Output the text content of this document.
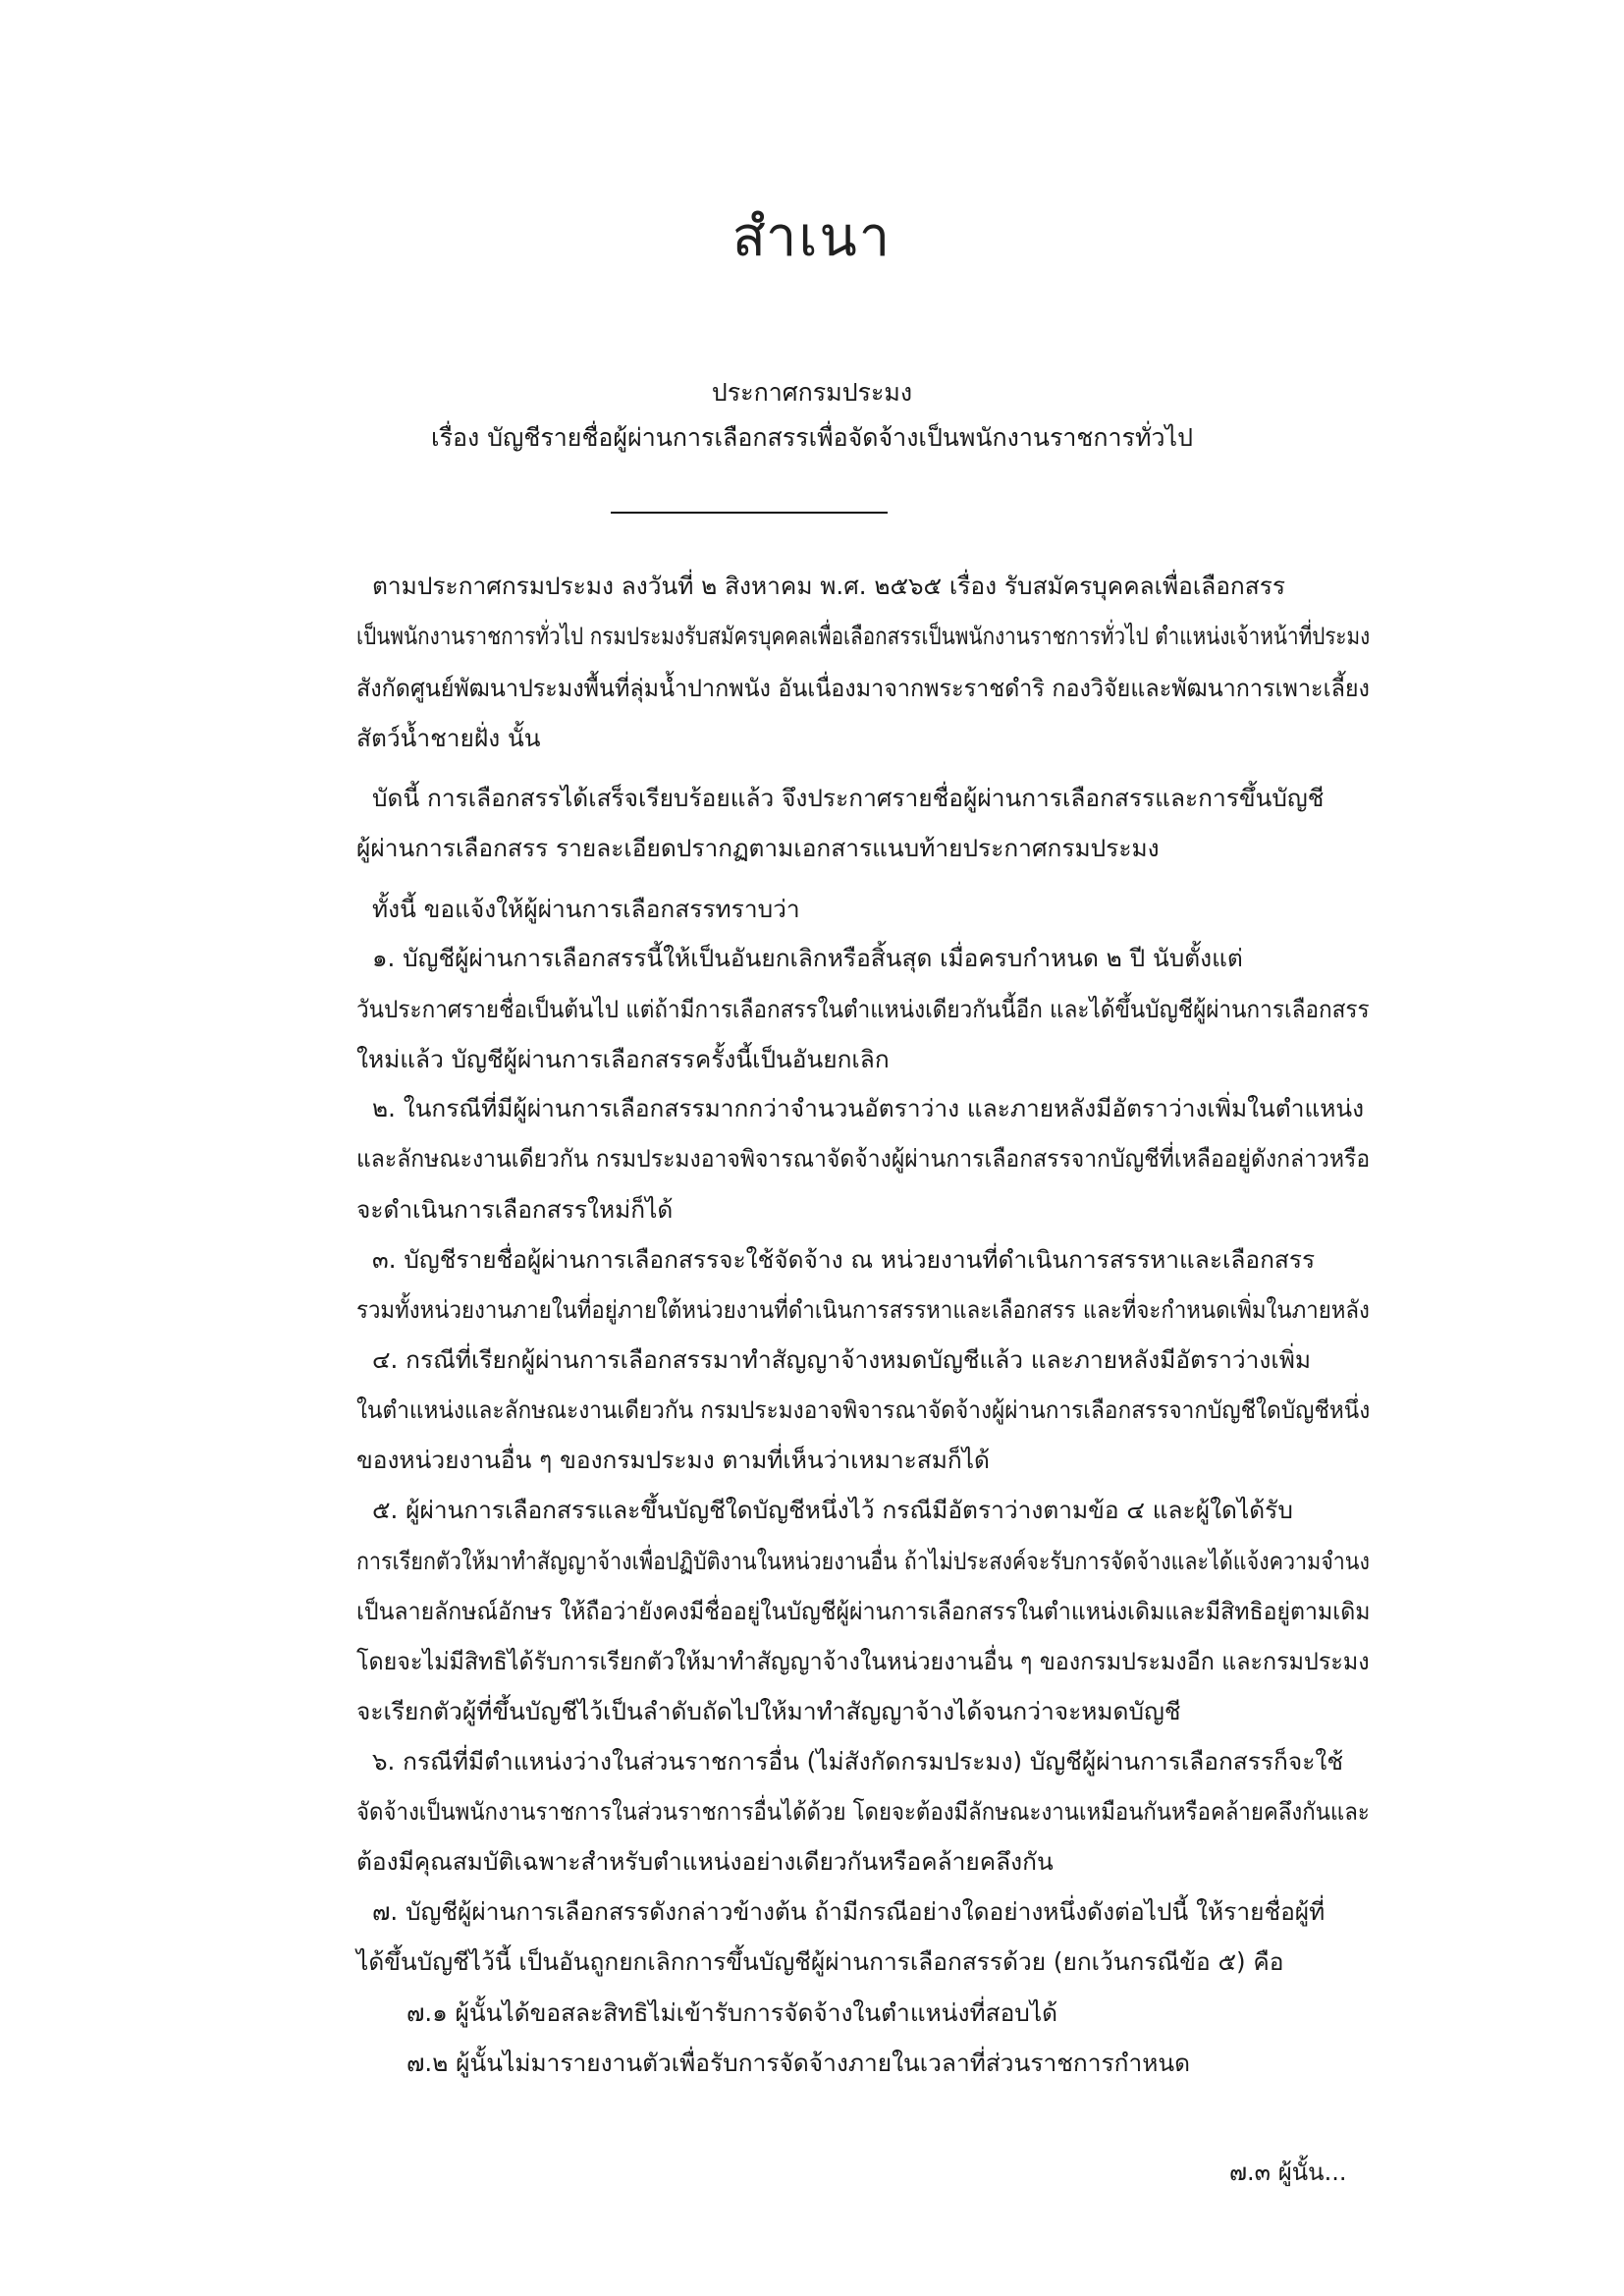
สำเนา
ประกาศกรมประมง
เรื่อง บัญชีรายชื่อผู้ผ่านการเลือกสรรเพื่อจัดจ้างเป็นพนักงานราชการทั่วไป
ตามประกาศกรมประมง ลงวันที่ ๒ สิงหาคม พ.ศ. ๒๕๖๕ เรื่อง รับสมัครบุคคลเพื่อเลือกสรร
เป็นพนักงานราชการทั่วไป กรมประมงรับสมัครบุคคลเพื่อเลือกสรรเป็นพนักงานราชการทั่วไป ตำแหน่งเจ้าหน้าที่ประมง
สังกัดศูนย์พัฒนาประมงพื้นที่ลุ่มน้ำปากพนัง อันเนื่องมาจากพระราชดำริ กองวิจัยและพัฒนาการเพาะเลี้ยง
สัตว์น้ำชายฝั่ง นั้น
บัดนี้ การเลือกสรรได้เสร็จเรียบร้อยแล้ว จึงประกาศรายชื่อผู้ผ่านการเลือกสรรและการขึ้นบัญชี
ผู้ผ่านการเลือกสรร รายละเอียดปรากฏตามเอกสารแนบท้ายประกาศกรมประมง
ทั้งนี้ ขอแจ้งให้ผู้ผ่านการเลือกสรรทราบว่า
๑. บัญชีผู้ผ่านการเลือกสรรนี้ให้เป็นอันยกเลิกหรือสิ้นสุด เมื่อครบกำหนด ๒ ปี นับตั้งแต่
วันประกาศรายชื่อเป็นต้นไป แต่ถ้ามีการเลือกสรรในตำแหน่งเดียวกันนี้อีก และได้ขึ้นบัญชีผู้ผ่านการเลือกสรร
ใหม่แล้ว บัญชีผู้ผ่านการเลือกสรรครั้งนี้เป็นอันยกเลิก
๒. ในกรณีที่มีผู้ผ่านการเลือกสรรมากกว่าจำนวนอัตราว่าง และภายหลังมีอัตราว่างเพิ่มในตำแหน่ง
และลักษณะงานเดียวกัน กรมประมงอาจพิจารณาจัดจ้างผู้ผ่านการเลือกสรรจากบัญชีที่เหลืออยู่ดังกล่าวหรือ
จะดำเนินการเลือกสรรใหม่ก็ได้
๓. บัญชีรายชื่อผู้ผ่านการเลือกสรรจะใช้จัดจ้าง ณ หน่วยงานที่ดำเนินการสรรหาและเลือกสรร
รวมทั้งหน่วยงานภายในที่อยู่ภายใต้หน่วยงานที่ดำเนินการสรรหาและเลือกสรร และที่จะกำหนดเพิ่มในภายหลัง
๔. กรณีที่เรียกผู้ผ่านการเลือกสรรมาทำสัญญาจ้างหมดบัญชีแล้ว และภายหลังมีอัตราว่างเพิ่ม
ในตำแหน่งและลักษณะงานเดียวกัน กรมประมงอาจพิจารณาจัดจ้างผู้ผ่านการเลือกสรรจากบัญชีใดบัญชีหนึ่ง
ของหน่วยงานอื่น ๆ ของกรมประมง ตามที่เห็นว่าเหมาะสมก็ได้
๕. ผู้ผ่านการเลือกสรรและขึ้นบัญชีใดบัญชีหนึ่งไว้ กรณีมีอัตราว่างตามข้อ ๔ และผู้ใดได้รับ
การเรียกตัวให้มาทำสัญญาจ้างเพื่อปฏิบัติงานในหน่วยงานอื่น ถ้าไม่ประสงค์จะรับการจัดจ้างและได้แจ้งความจำนง
เป็นลายลักษณ์อักษร ให้ถือว่ายังคงมีชื่ออยู่ในบัญชีผู้ผ่านการเลือกสรรในตำแหน่งเดิมและมีสิทธิอยู่ตามเดิม
โดยจะไม่มีสิทธิได้รับการเรียกตัวให้มาทำสัญญาจ้างในหน่วยงานอื่น ๆ ของกรมประมงอีก และกรมประมง
จะเรียกตัวผู้ที่ขึ้นบัญชีไว้เป็นลำดับถัดไปให้มาทำสัญญาจ้างได้จนกว่าจะหมดบัญชี
๖. กรณีที่มีตำแหน่งว่างในส่วนราชการอื่น (ไม่สังกัดกรมประมง) บัญชีผู้ผ่านการเลือกสรรก็จะใช้
จัดจ้างเป็นพนักงานราชการในส่วนราชการอื่นได้ด้วย โดยจะต้องมีลักษณะงานเหมือนกันหรือคล้ายคลึงกันและ
ต้องมีคุณสมบัติเฉพาะสำหรับตำแหน่งอย่างเดียวกันหรือคล้ายคลึงกัน
๗. บัญชีผู้ผ่านการเลือกสรรดังกล่าวข้างต้น ถ้ามีกรณีอย่างใดอย่างหนึ่งดังต่อไปนี้ ให้รายชื่อผู้ที่
ได้ขึ้นบัญชีไว้นี้ เป็นอันถูกยกเลิกการขึ้นบัญชีผู้ผ่านการเลือกสรรด้วย (ยกเว้นกรณีข้อ ๕) คือ
๗.๑ ผู้นั้นได้ขอสละสิทธิไม่เข้ารับการจัดจ้างในตำแหน่งที่สอบได้
๗.๒ ผู้นั้นไม่มารายงานตัวเพื่อรับการจัดจ้างภายในเวลาที่ส่วนราชการกำหนด
๗.๓ ผู้นั้น...
